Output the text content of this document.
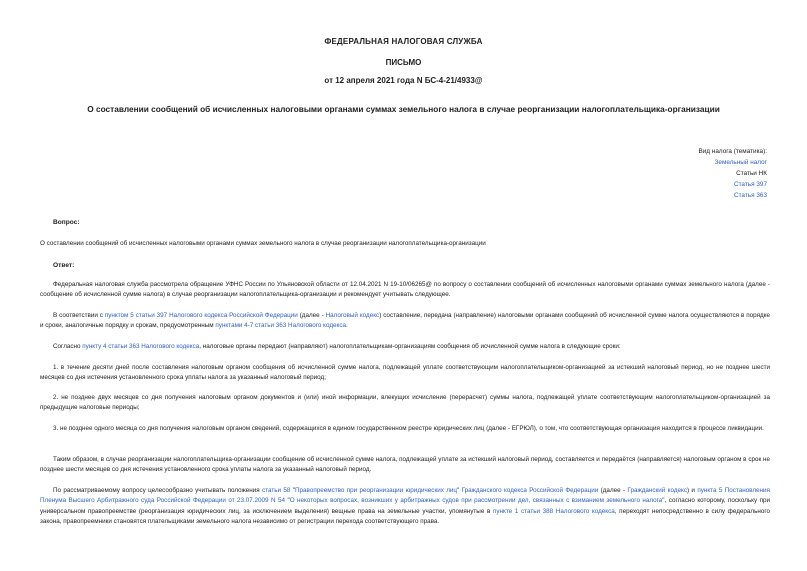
ФЕДЕРАЛЬНАЯ НАЛОГОВАЯ СЛУЖБА
ПИСЬМО
от 12 апреля 2021 года N БС-4-21/4933@
О составлении сообщений об исчисленных налоговыми органами суммах земельного налога в случае реорганизации налогоплательщика-организации
Вид налога (тематика):
Земельный налог
Статьи НК
Статья 397
Статья 363
Вопрос:
О составлении сообщений об исчисленных налоговыми органами суммах земельного налога в случае реорганизации налогоплательщика-организации
Ответ:
Федеральная налоговая служба рассмотрела обращение УФНС России по Ульяновской области от 12.04.2021 N 19-10/06265@ по вопросу о составлении сообщений об исчисленных налоговыми органами суммах земельного налога (далее - сообщение об исчисленной сумме налога) в случае реорганизации налогоплательщика-организации и рекомендует учитывать следующее.
В соответствии с пунктом 5 статьи 397 Налогового кодекса Российской Федерации (далее - Налоговый кодекс) составление, передача (направление) налоговыми органами сообщений об исчисленной сумме налога осуществляются в порядке и сроки, аналогичные порядку и срокам, предусмотренным пунктами 4-7 статьи 363 Налогового кодекса.
Согласно пункту 4 статьи 363 Налогового кодекса, налоговые органы передают (направляют) налогоплательщикам-организациям сообщения об исчисленной сумме налога в следующие сроки:
1. в течение десяти дней после составления налоговым органом сообщения об исчисленной сумме налога, подлежащей уплате соответствующим налогоплательщиком-организацией за истекший налоговый период, но не позднее шести месяцев со дня истечения установленного срока уплаты налога за указанный налоговый период;
2. не позднее двух месяцев со дня получения налоговым органом документов и (или) иной информации, влекущих исчисление (перерасчет) суммы налога, подлежащей уплате соответствующим налогоплательщиком-организацией за предыдущие налоговые периоды;
3. не позднее одного месяца со дня получения налоговым органом сведений, содержащихся в едином государственном реестре юридических лиц (далее - ЕГРЮЛ), о том, что соответствующая организация находится в процессе ликвидации.
Таким образом, в случае реорганизации налогоплательщика-организации сообщение об исчисленной сумме налога, подлежащей уплате за истекший налоговый период, составляется и передаётся (направляется) налоговым органом в срок не позднее шести месяцев со дня истечения установленного срока уплаты налога за указанный налоговый период.
По рассматриваемому вопросу целесообразно учитывать положения статьи 58 "Правопреемство при реорганизации юридических лиц" Гражданского кодекса Российской Федерации (далее - Гражданский кодекс) и пункта 5 Постановления Пленума Высшего Арбитражного суда Российской Федерации от 23.07.2009 N 54 "О некоторых вопросах, возникших у арбитражных судов при рассмотрении дел, связанных с взиманием земельного налога", согласно которому, поскольку при универсальном правопреемстве (реорганизация юридических лиц, за исключением выделения) вещные права на земельные участки, упомянутые в пункте 1 статьи 388 Налогового кодекса, переходят непосредственно в силу федерального закона, правопреемники становятся плательщиками земельного налога независимо от регистрации перехода соответствующего права.
